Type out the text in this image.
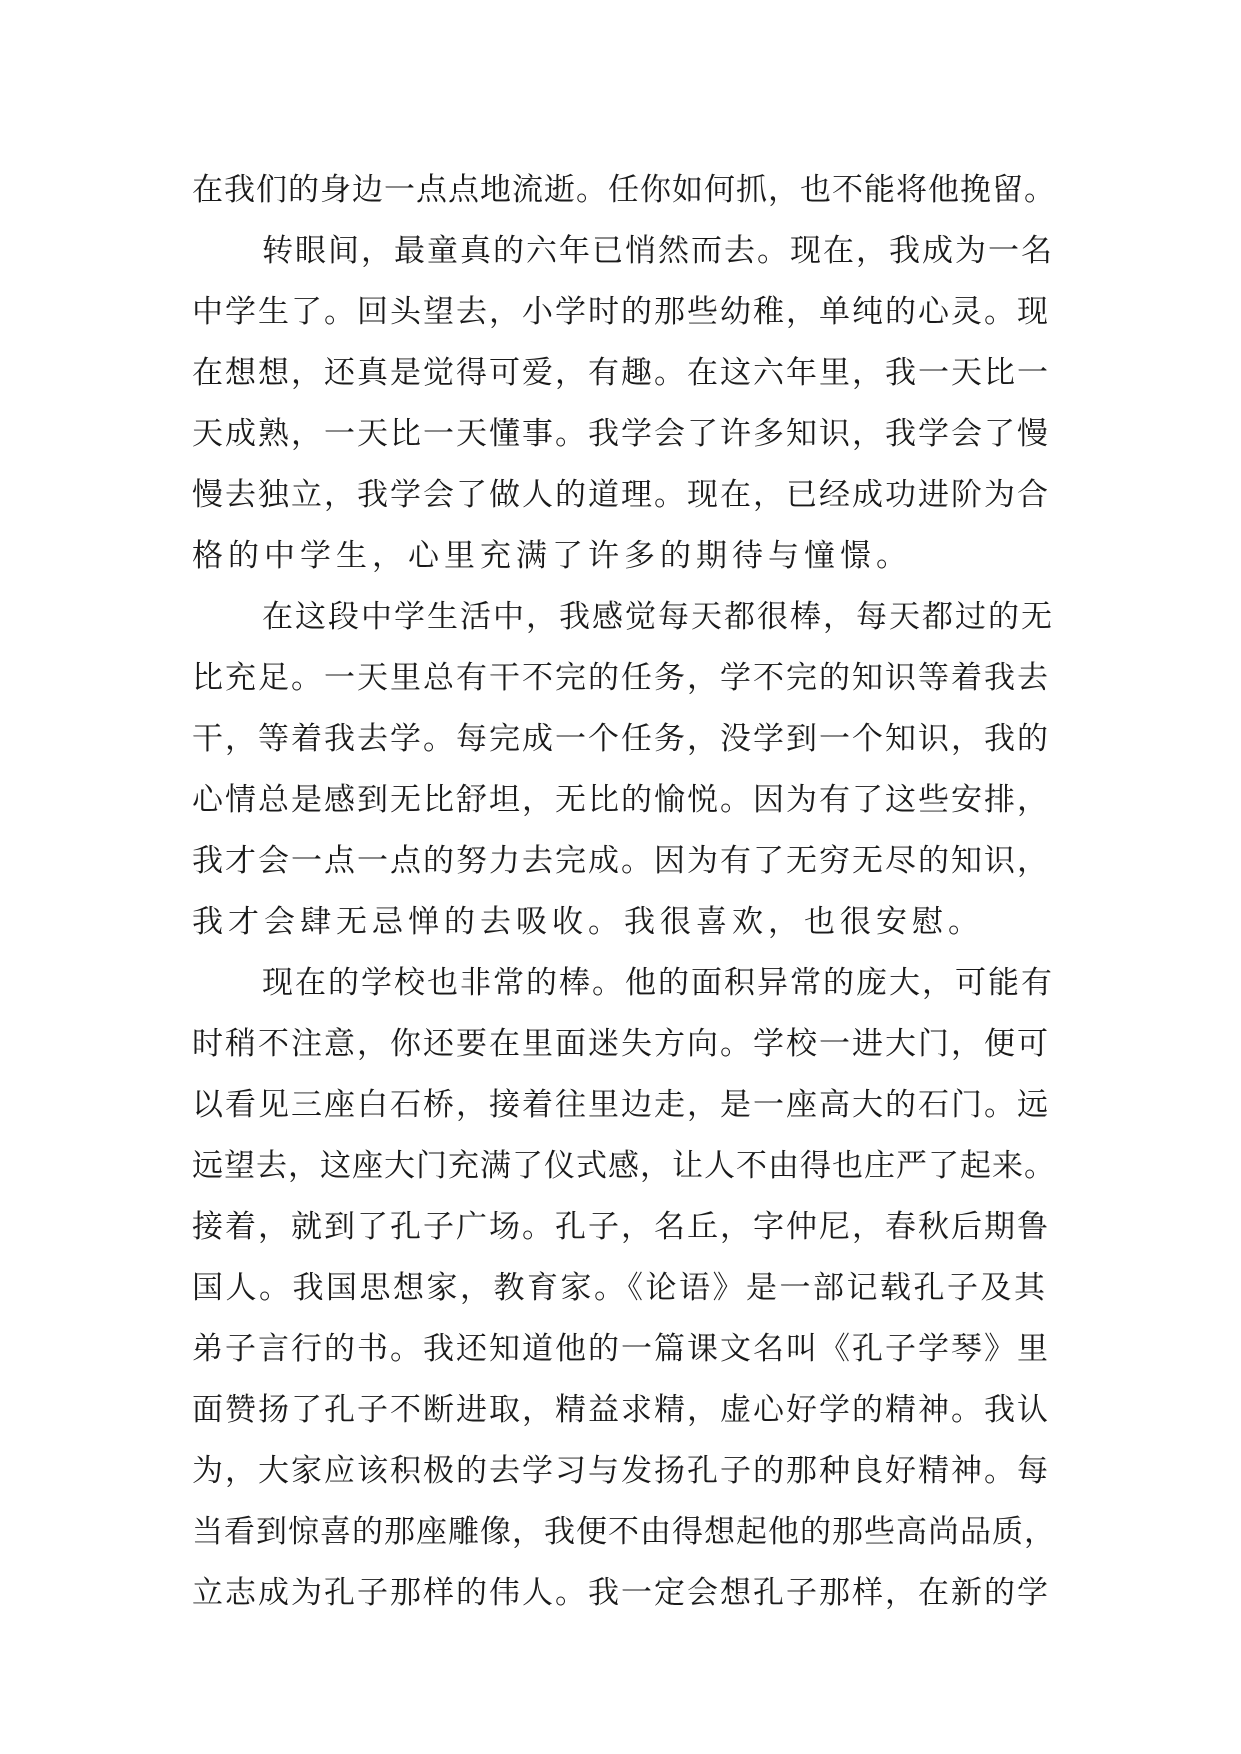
在我们的身边一点点地流逝。任你如何抓，也不能将他挽留。
转眼间，最童真的六年已悄然而去。现在，我成为一名
中学生了。回头望去，小学时的那些幼稚，单纯的心灵。现
在想想，还真是觉得可爱，有趣。在这六年里，我一天比一
天成熟，一天比一天懂事。我学会了许多知识，我学会了慢
慢去独立，我学会了做人的道理。现在，已经成功进阶为合
格的中学生，心里充满了许多的期待与憧憬。
在这段中学生活中，我感觉每天都很棒，每天都过的无
比充足。一天里总有干不完的任务，学不完的知识等着我去
干，等着我去学。每完成一个任务，没学到一个知识，我的
心情总是感到无比舒坦，无比的愉悦。因为有了这些安排，
我才会一点一点的努力去完成。因为有了无穷无尽的知识，
我才会肆无忌惮的去吸收。我很喜欢，也很安慰。
现在的学校也非常的棒。他的面积异常的庞大，可能有
时稍不注意，你还要在里面迷失方向。学校一进大门，便可
以看见三座白石桥，接着往里边走，是一座高大的石门。远
远望去，这座大门充满了仪式感，让人不由得也庄严了起来。
接着，就到了孔子广场。孔子，名丘，字仲尼，春秋后期鲁
国人。我国思想家，教育家。《论语》是一部记载孔子及其
弟子言行的书。我还知道他的一篇课文名叫《孔子学琴》里
面赞扬了孔子不断进取，精益求精，虚心好学的精神。我认
为，大家应该积极的去学习与发扬孔子的那种良好精神。每
当看到惊喜的那座雕像，我便不由得想起他的那些高尚品质，
立志成为孔子那样的伟人。我一定会想孔子那样，在新的学
